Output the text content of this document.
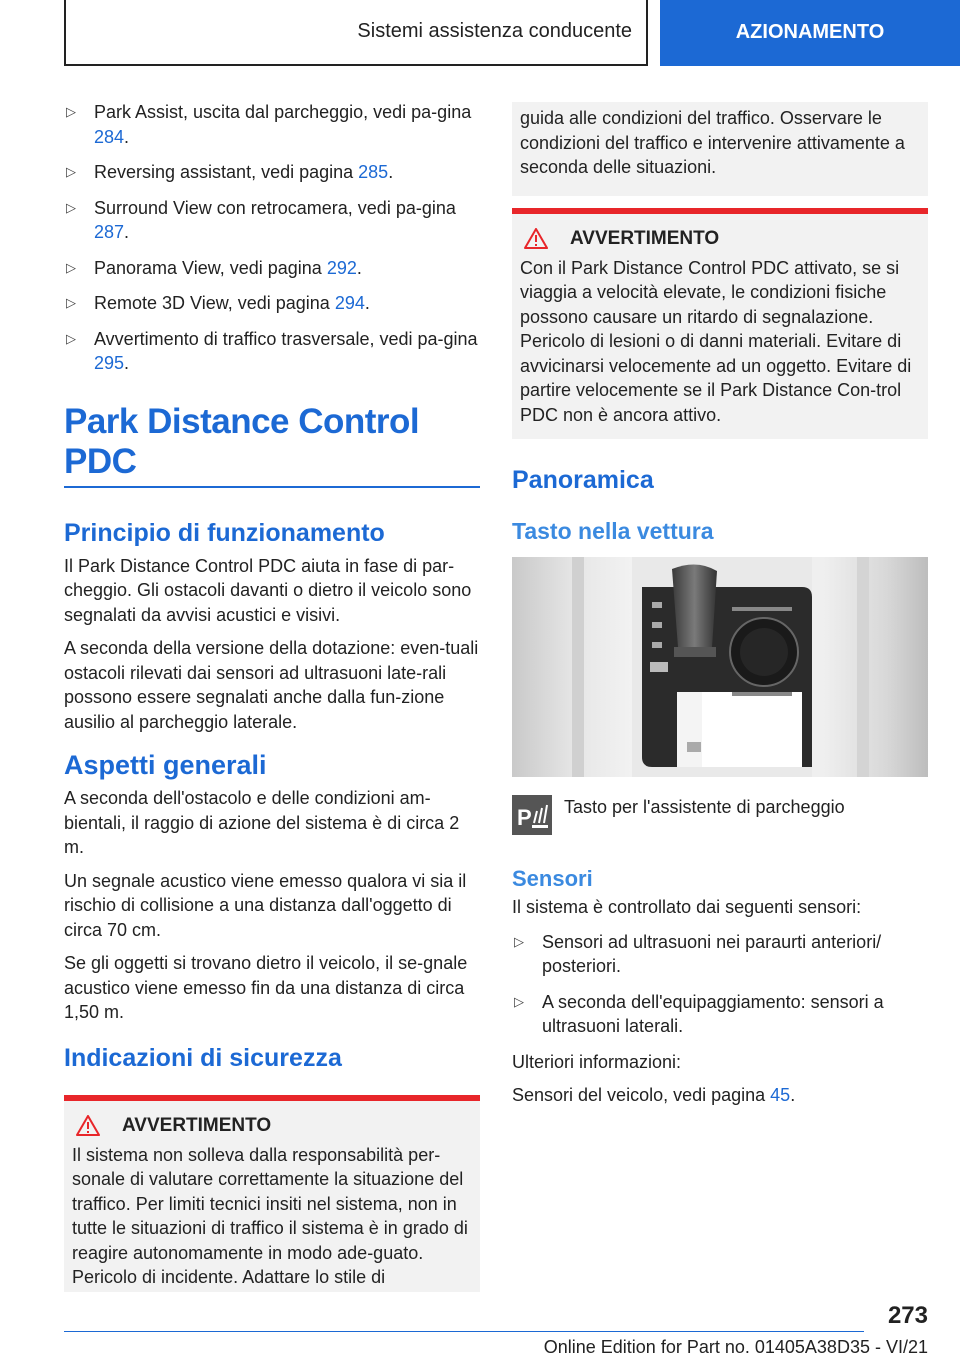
Sistemi assistenza conducente	AZIONAMENTO
▷ Park Assist, uscita dal parcheggio, vedi pa-gina 284.
▷ Reversing assistant, vedi pagina 285.
▷ Surround View con retrocamera, vedi pa-gina 287.
▷ Panorama View, vedi pagina 292.
▷ Remote 3D View, vedi pagina 294.
▷ Avvertimento di traffico trasversale, vedi pa-gina 295.
Park Distance Control PDC
Principio di funzionamento

Il Park Distance Control PDC aiuta in fase di par-cheggio. Gli ostacoli davanti o dietro il veicolo sono segnalati da avvisi acustici e visivi.

A seconda della versione della dotazione: even-tuali ostacoli rilevati dai sensori ad ultrasuoni late-rali possono essere segnalati anche dalla fun-zione ausilio al parcheggio laterale.

Aspetti generali

A seconda dell'ostacolo e delle condizioni am-bientali, il raggio di azione del sistema è di circa 2 m.

Un segnale acustico viene emesso qualora vi sia il rischio di collisione a una distanza dall'oggetto di circa 70 cm.

Se gli oggetti si trovano dietro il veicolo, il se-gnale acustico viene emesso fin da una distanza di circa 1,50 m.

Indicazioni di sicurezza
AVVERTIMENTO
Il sistema non solleva dalla responsabilità per-sonale di valutare correttamente la situazione del traffico. Per limiti tecnici insiti nel sistema, non in tutte le situazioni di traffico il sistema è in grado di reagire autonomamente in modo ade-guato. Pericolo di incidente. Adattare lo stile di
guida alle condizioni del traffico. Osservare le condizioni del traffico e intervenire attivamente a seconda delle situazioni.
AVVERTIMENTO
Con il Park Distance Control PDC attivato, se si viaggia a velocità elevate, le condizioni fisiche possono causare un ritardo di segnalazione. Pericolo di lesioni o di danni materiali. Evitare di avvicinarsi velocemente ad un oggetto. Evitare di partire velocemente se il Park Distance Con-trol PDC non è ancora attivo.
Panoramica
Tasto nella vettura
P Tasto per l'assistente di parcheggio
Sensori

Il sistema è controllato dai seguenti sensori:

▷ Sensori ad ultrasuoni nei paraurti anteriori/ posteriori.
▷ A seconda dell'equipaggiamento: sensori a ultrasuoni laterali.

Ulteriori informazioni:

Sensori del veicolo, vedi pagina 45.

273
Online Edition for Part no. 01405A38D35 - VI/21
